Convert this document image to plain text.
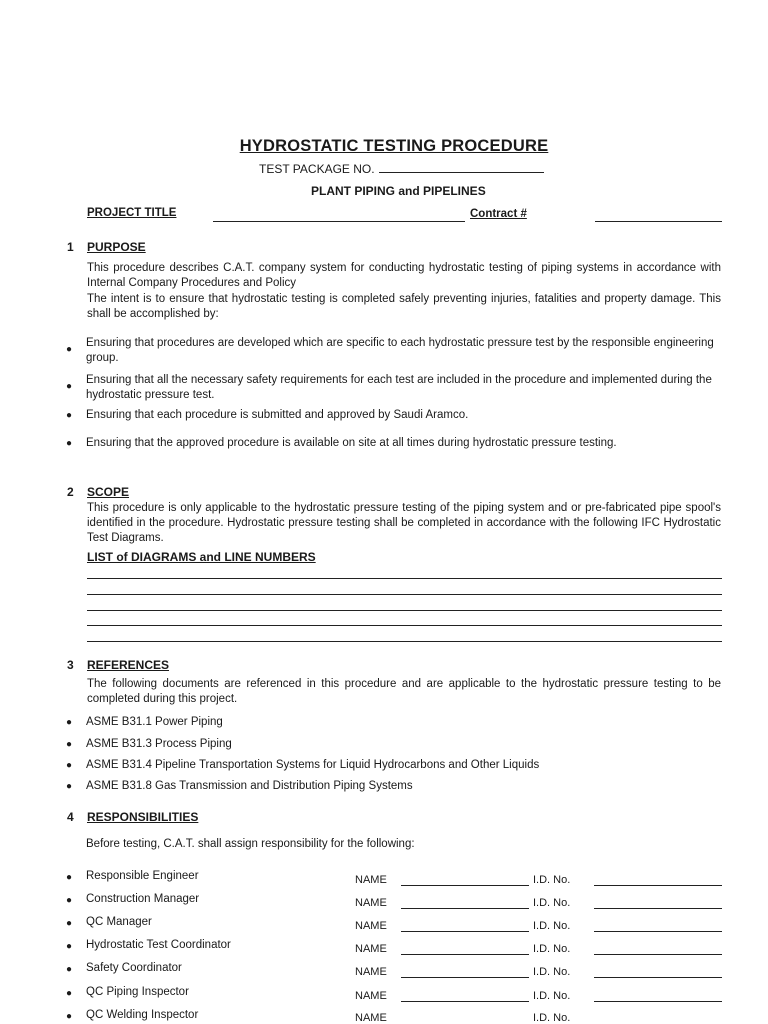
HYDROSTATIC TESTING PROCEDURE
TEST PACKAGE NO.
PLANT PIPING and PIPELINES
PROJECT TITLE	Contract #
1 PURPOSE
This procedure describes C.A.T. company system for conducting hydrostatic testing of piping systems in accordance with Internal Company Procedures and Policy
The intent is to ensure that hydrostatic testing is completed safely preventing injuries, fatalities and property damage. This shall be accomplished by:
●
Ensuring that procedures are developed which are specific to each hydrostatic pressure test by the responsible engineering group.
●
Ensuring that all the necessary safety requirements for each test are included in the procedure and implemented during the hydrostatic pressure test.
● Ensuring that each procedure is submitted and approved by Saudi Aramco.
● Ensuring that the approved procedure is available on site at all times during hydrostatic pressure testing.
2 SCOPE
This procedure is only applicable to the hydrostatic pressure testing of the piping system and or pre-fabricated pipe spool's identified in the procedure. Hydrostatic pressure testing shall be completed in accordance with the following IFC Hydrostatic Test Diagrams.
LIST of DIAGRAMS and LINE NUMBERS
3 REFERENCES
The following documents are referenced in this procedure and are applicable to the hydrostatic pressure testing to be completed during this project.
● ASME B31.1 Power Piping
● ASME B31.3 Process Piping
● ASME B31.4 Pipeline Transportation Systems for Liquid Hydrocarbons and Other Liquids
● ASME B31.8 Gas Transmission and Distribution Piping Systems
4 RESPONSIBILITIES
Before testing, C.A.T. shall assign responsibility for the following:
● Responsible Engineer	NAME	I.D. No.
● Construction Manager	NAME	I.D. No.
● QC Manager	NAME	I.D. No.
● Hydrostatic Test Coordinator	NAME	I.D. No.
● Safety Coordinator	NAME	I.D. No.
● QC Piping Inspector	NAME	I.D. No.
● QC Welding Inspector	NAME	I.D. No.
